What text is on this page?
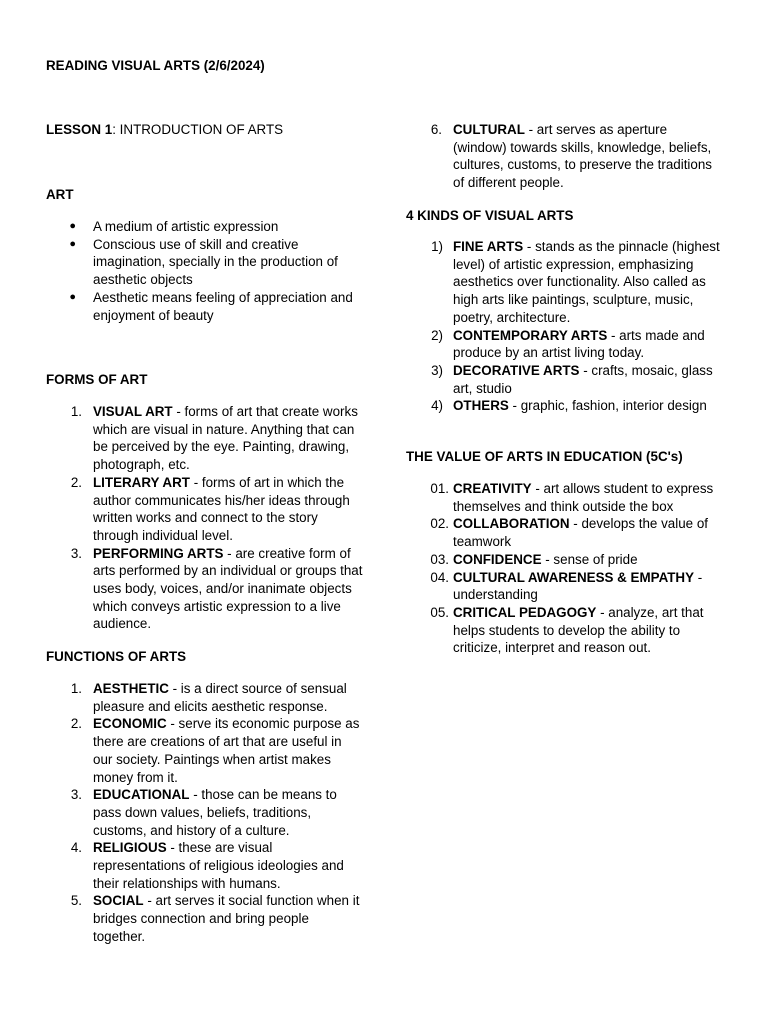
READING VISUAL ARTS (2/6/2024)
LESSON 1: INTRODUCTION OF ARTS
ART
● A medium of artistic expression
● Conscious use of skill and creative imagination, specially in the production of aesthetic objects
● Aesthetic means feeling of appreciation and enjoyment of beauty
FORMS OF ART
1. VISUAL ART - forms of art that create works which are visual in nature. Anything that can be perceived by the eye. Painting, drawing, photograph, etc.
2. LITERARY ART - forms of art in which the author communicates his/her ideas through written works and connect to the story through individual level.
3. PERFORMING ARTS - are creative form of arts performed by an individual or groups that uses body, voices, and/or inanimate objects which conveys artistic expression to a live audience.
FUNCTIONS OF ARTS
1. AESTHETIC - is a direct source of sensual pleasure and elicits aesthetic response.
2. ECONOMIC - serve its economic purpose as there are creations of art that are useful in our society. Paintings when artist makes money from it.
3. EDUCATIONAL - those can be means to pass down values, beliefs, traditions, customs, and history of a culture.
4. RELIGIOUS - these are visual representations of religious ideologies and their relationships with humans.
5. SOCIAL - art serves it social function when it bridges connection and bring people together.
6. CULTURAL - art serves as aperture (window) towards skills, knowledge, beliefs, cultures, customs, to preserve the traditions of different people.
4 KINDS OF VISUAL ARTS
1) FINE ARTS - stands as the pinnacle (highest level) of artistic expression, emphasizing aesthetics over functionality. Also called as high arts like paintings, sculpture, music, poetry, architecture.
2) CONTEMPORARY ARTS - arts made and produce by an artist living today.
3) DECORATIVE ARTS - crafts, mosaic, glass art, studio
4) OTHERS - graphic, fashion, interior design
THE VALUE OF ARTS IN EDUCATION (5C's)
01. CREATIVITY - art allows student to express themselves and think outside the box
02. COLLABORATION - develops the value of teamwork
03. CONFIDENCE - sense of pride
04. CULTURAL AWARENESS & EMPATHY - understanding
05. CRITICAL PEDAGOGY - analyze, art that helps students to develop the ability to criticize, interpret and reason out.
